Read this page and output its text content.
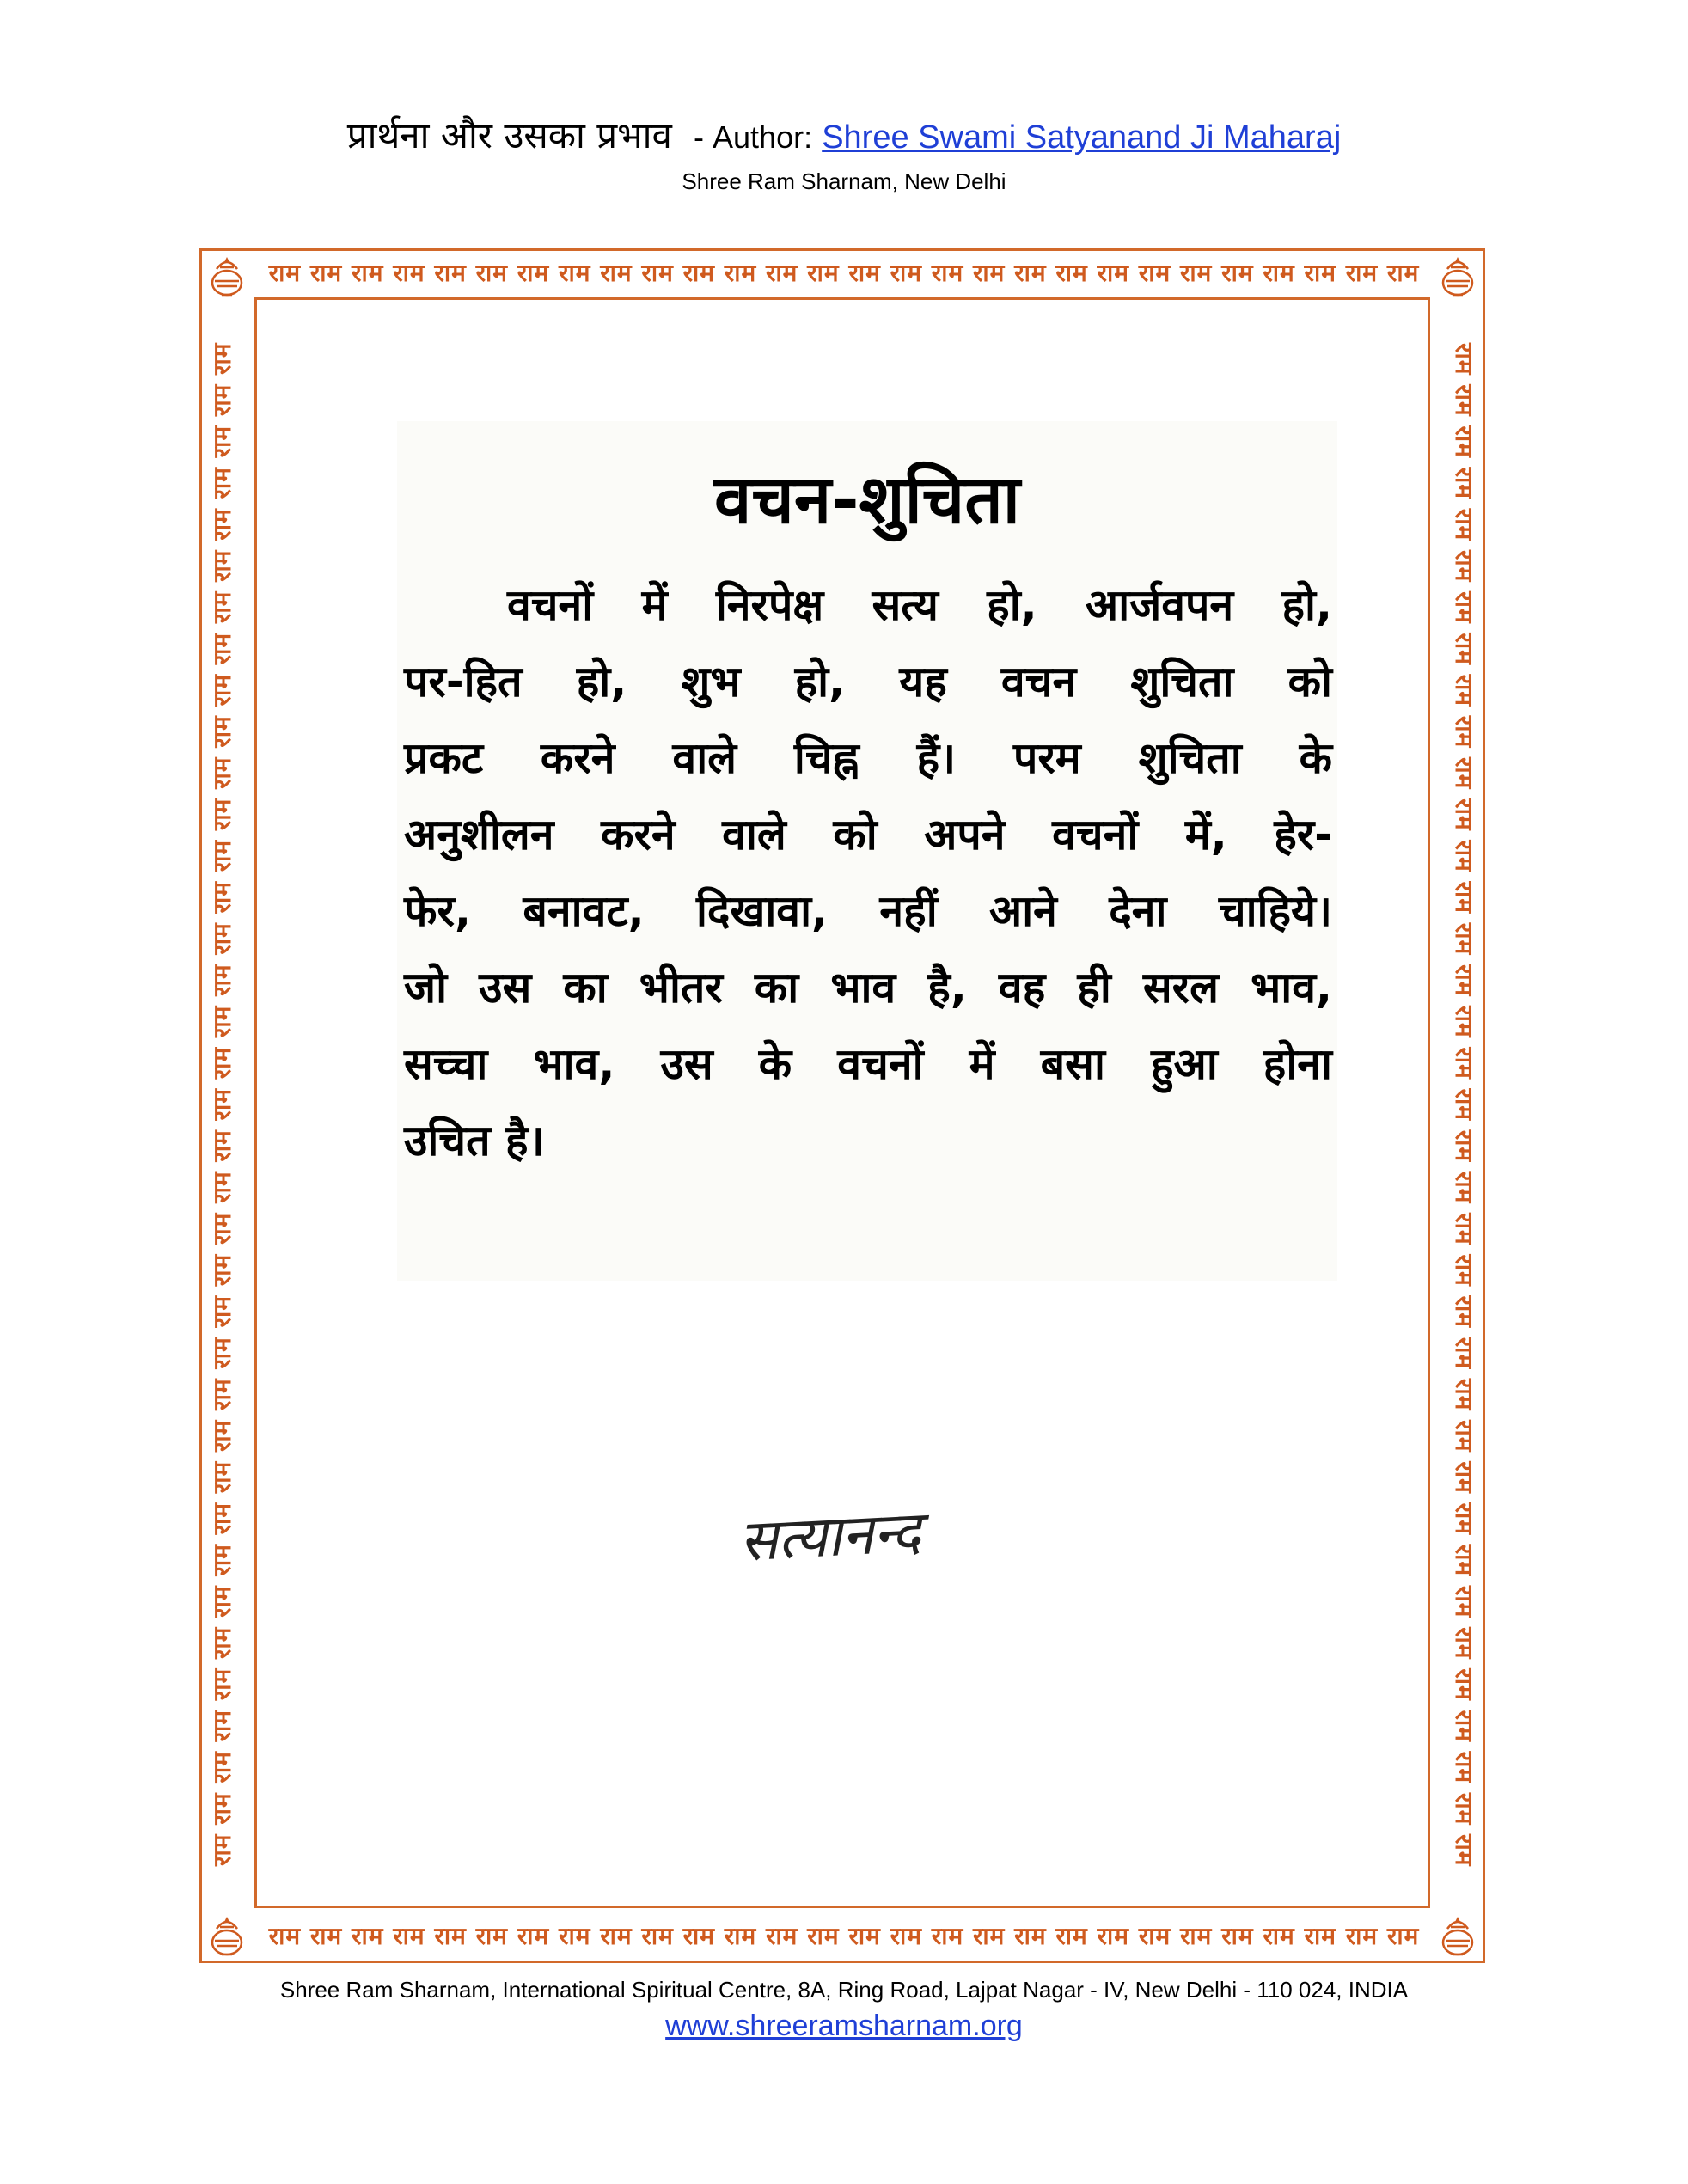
प्रार्थना और उसका प्रभाव - Author: Shree Swami Satyanand Ji Maharaj
Shree Ram Sharnam, New Delhi
राम राम राम राम राम राम राम राम राम राम राम राम राम राम राम राम राम राम राम राम राम राम राम राम राम राम राम राम
राम राम राम राम राम राम राम राम राम राम राम राम राम राम राम राम राम राम राम राम राम राम राम राम राम राम राम राम
राम राम राम राम राम राम राम राम राम राम राम राम राम राम राम राम राम राम राम राम राम राम राम राम राम राम राम राम राम राम राम राम राम राम राम राम राम	राम राम राम राम राम राम राम राम राम राम राम राम राम राम राम राम राम राम राम राम राम राम राम राम राम राम राम राम राम राम राम राम राम राम राम राम राम
वचन-शुचिता
वचनों में निरपेक्ष सत्य हो, आर्जवपन हो,
पर-हित हो, शुभ हो, यह वचन शुचिता को
प्रकट करने वाले चिह्न हैं। परम शुचिता के
अनुशीलन करने वाले को अपने वचनों में, हेर-
फेर, बनावट, दिखावा, नहीं आने देना चाहिये।
जो उस का भीतर का भाव है, वह ही सरल भाव,
सच्चा भाव, उस के वचनों में बसा हुआ होना
उचित है।
सत्यानन्द
Shree Ram Sharnam, International Spiritual Centre, 8A, Ring Road, Lajpat Nagar - IV, New Delhi - 110 024, INDIA
www.shreeramsharnam.org
